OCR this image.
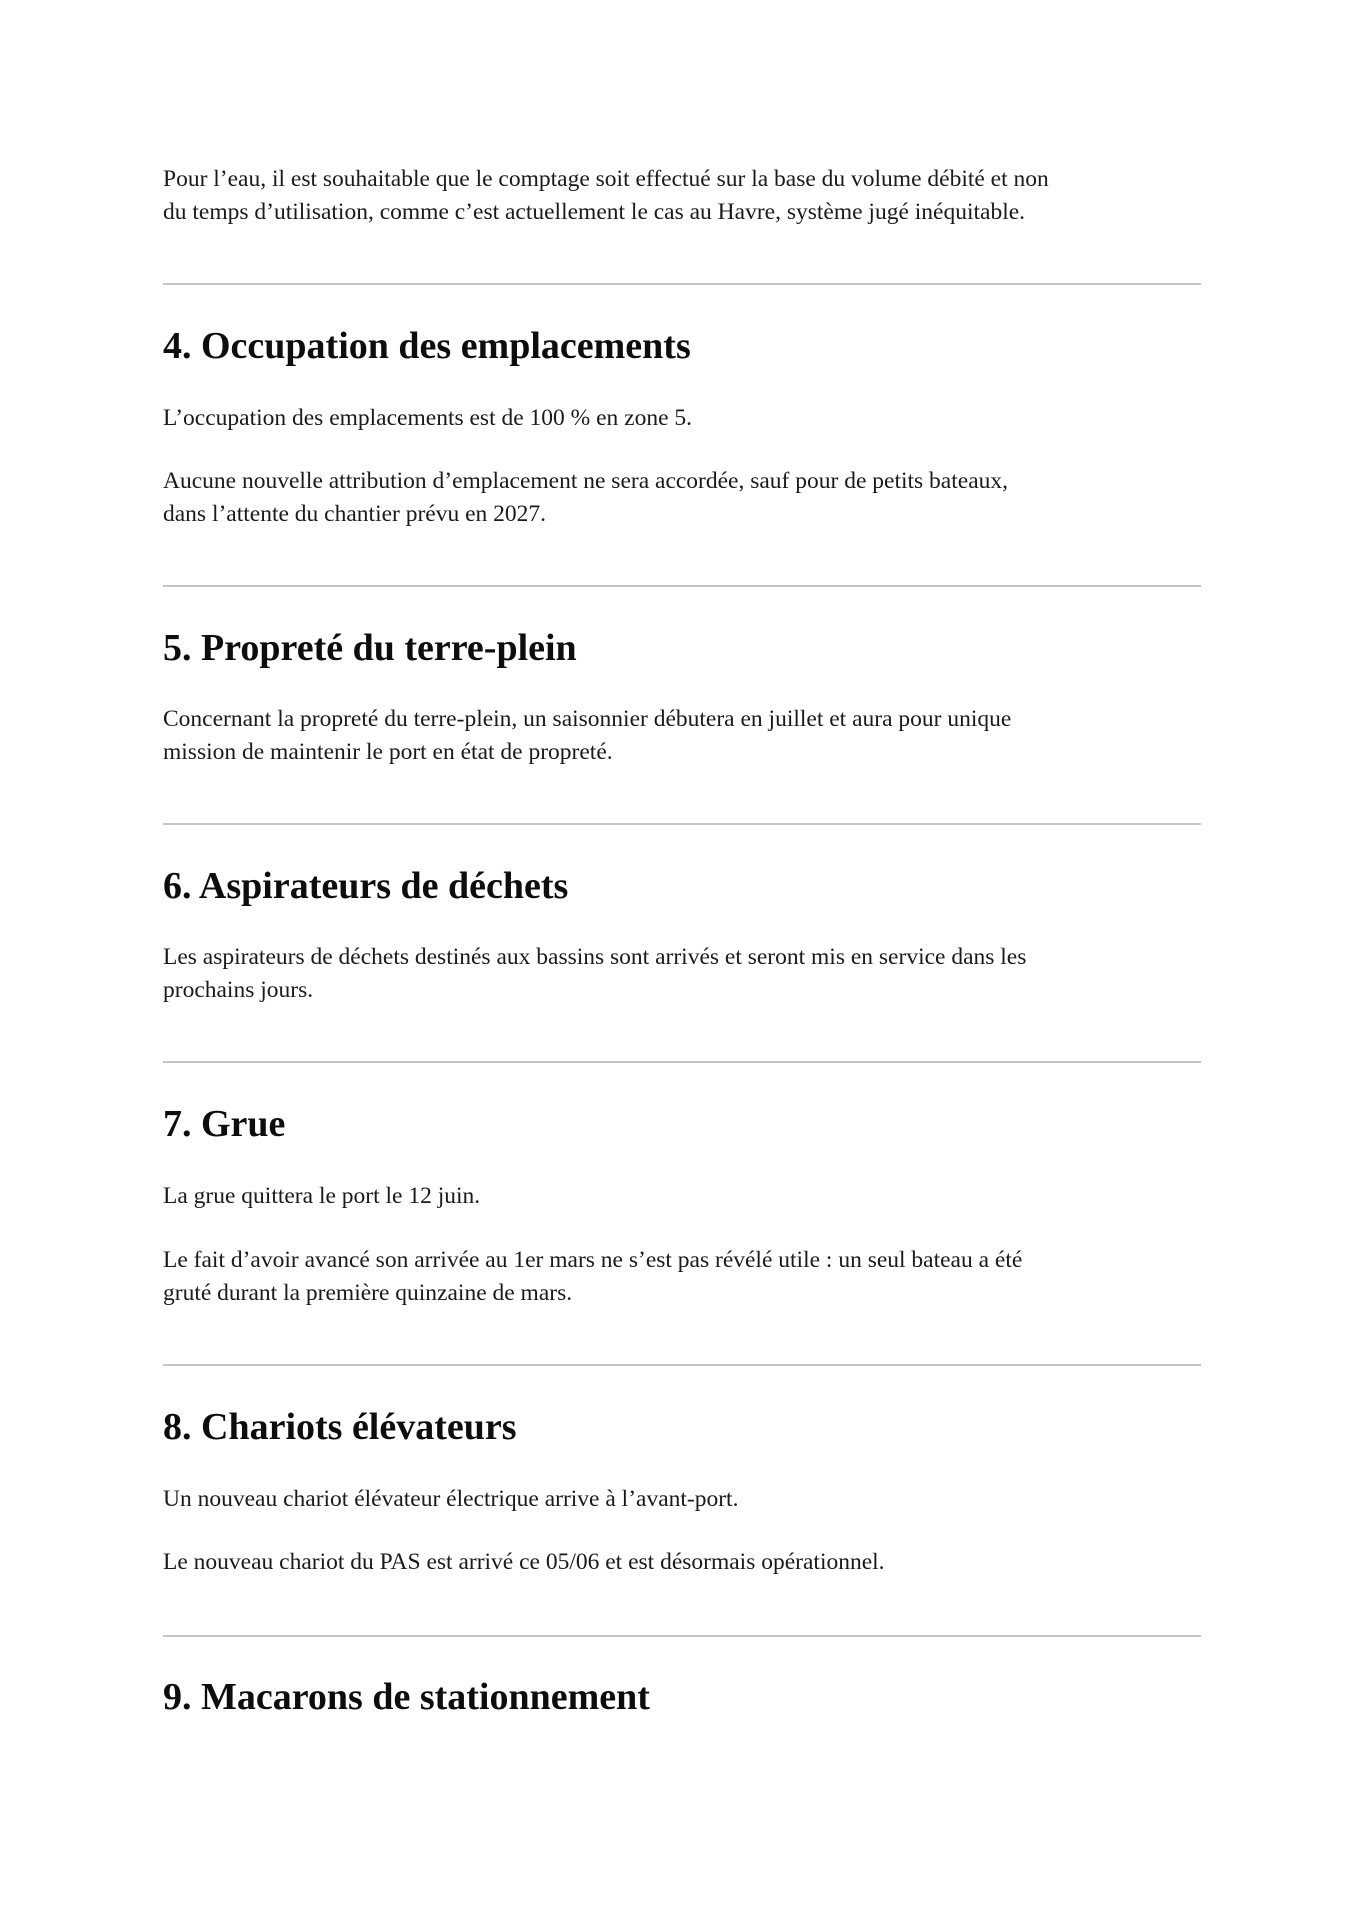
Pour l’eau, il est souhaitable que le comptage soit effectué sur la base du volume débité et non
du temps d’utilisation, comme c’est actuellement le cas au Havre, système jugé inéquitable.

4. Occupation des emplacements

L’occupation des emplacements est de 100 % en zone 5.

Aucune nouvelle attribution d’emplacement ne sera accordée, sauf pour de petits bateaux,
dans l’attente du chantier prévu en 2027.

5. Propreté du terre-plein

Concernant la propreté du terre-plein, un saisonnier débutera en juillet et aura pour unique
mission de maintenir le port en état de propreté.

6. Aspirateurs de déchets

Les aspirateurs de déchets destinés aux bassins sont arrivés et seront mis en service dans les
prochains jours.

7. Grue

La grue quittera le port le 12 juin.

Le fait d’avoir avancé son arrivée au 1er mars ne s’est pas révélé utile : un seul bateau a été
gruté durant la première quinzaine de mars.

8. Chariots élévateurs

Un nouveau chariot élévateur électrique arrive à l’avant-port.

Le nouveau chariot du PAS est arrivé ce 05/06 et est désormais opérationnel.

9. Macarons de stationnement
